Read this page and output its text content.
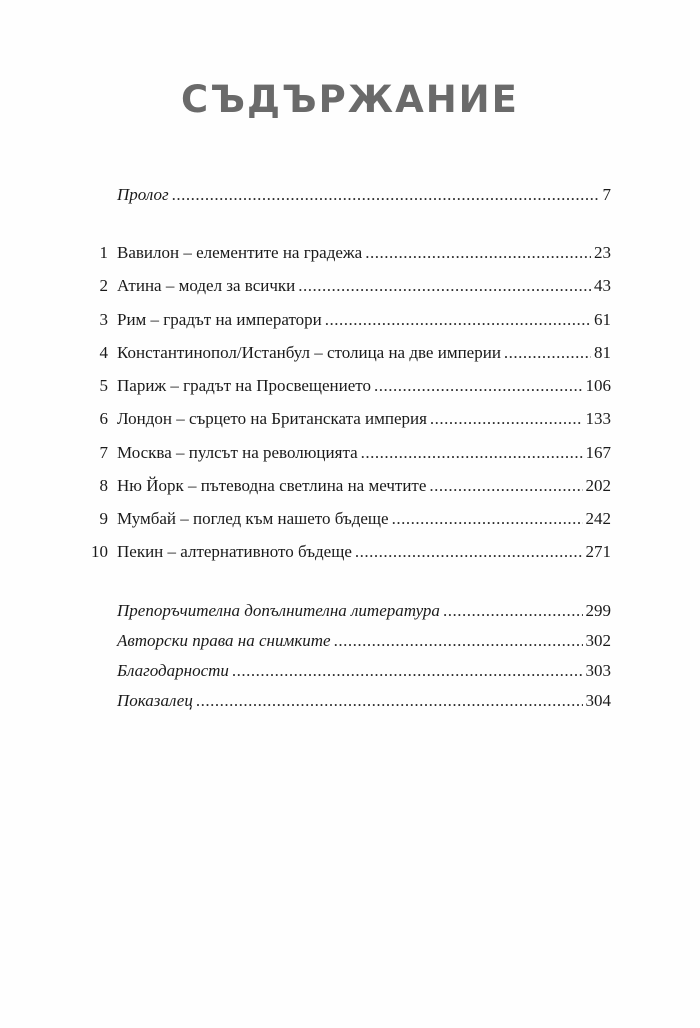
СЪДЪРЖАНИЕ
Пролог .....	7
1 Вавилон – елементите на градежа .....	23
2 Атина – модел за всички .....	43
3 Рим – градът на императори .....	61
4 Константинопол/Истанбул – столица на две империи .....	81
5 Париж – градът на Просвещението .....	106
6 Лондон – сърцето на Британската империя .....	133
7 Москва – пулсът на революцията .....	167
8 Ню Йорк – пътеводна светлина на мечтите .....	202
9 Мумбай – поглед към нашето бъдеще .....	242
10 Пекин – алтернативното бъдеще .....	271
Препоръчителна допълнителна литература .....	299
Авторски права на снимките .....	302
Благодарности .....	303
Показалец .....	304
